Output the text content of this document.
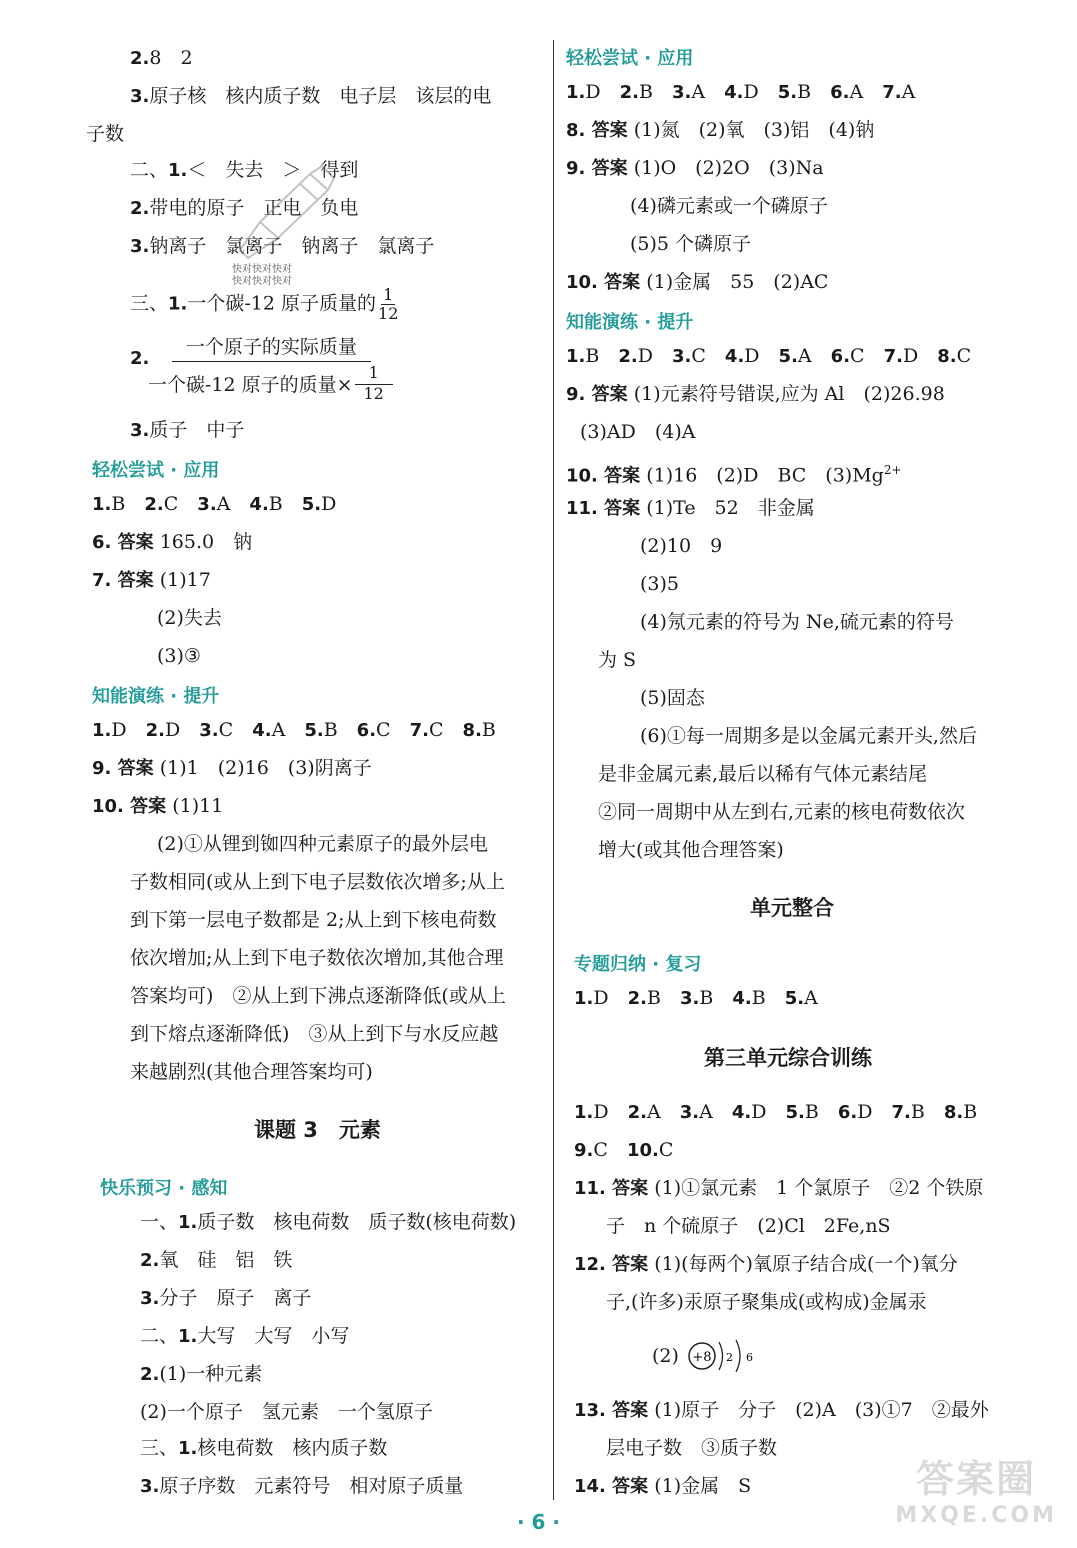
2.8　2
3.原子核　核内质子数　电子层　该层的电
子数
二、1.＜　失去　＞　得到
2.带电的原子　正电　负电
3.钠离子　氯离子　钠离子　氯离子
三、1.一个碳-12 原子质量的 $\frac{1}{12}$
2.
一个原子的实际质量
一个碳-12 原子的质量× $\frac{1}{12}$
3.质子　中子
轻松尝试 · 应用
1.B　 2.C　 3.A　 4.B　 5.D
6. 答案 165.0　钠
7. 答案 (1)17
(2)失去
(3)③
知能演练 · 提升
1.D　 2.D　 3.C　 4.A　 5.B　 6.C　 7.C　 8.B
9. 答案 (1)1　(2)16　(3)阴离子
10. 答案 (1)11
(2)①从锂到铷四种元素原子的最外层电
子数相同(或从上到下电子层数依次增多;从上
到下第一层电子数都是 2;从上到下核电荷数
依次增加;从上到下电子数依次增加,其他合理
答案均可)　②从上到下沸点逐渐降低(或从上
到下熔点逐渐降低)　③从上到下与水反应越
来越剧烈(其他合理答案均可)
课题 3　元素
快乐预习 · 感知
一、1.质子数　核电荷数　质子数(核电荷数)
2.氧　硅　铝　铁
3.分子　原子　离子
二、1.大写　大写　小写
2.(1)一种元素
(2)一个原子　氢元素　一个氢原子
三、1.核电荷数　核内质子数
3.原子序数　元素符号　相对原子质量
快对快对快对
快对快对快对
轻松尝试 · 应用
1.D　 2.B　 3.A　 4.D　 5.B　 6.A　 7.A
8. 答案 (1)氮　(2)氧　(3)铝　(4)钠
9. 答案 (1)O　(2)2O　(3)Na
(4)磷元素或一个磷原子
(5)5 个磷原子
10. 答案 (1)金属　55　(2)AC
知能演练 · 提升
1.B　 2.D　 3.C　 4.D　 5.A　 6.C　 7.D　 8.C
9. 答案 (1)元素符号错误,应为 Al　(2)26.98
(3)AD　(4)A
10. 答案 (1)16　(2)D　BC　$(3)Mg^{2+}$
11. 答案 (1)Te　52　非金属
(2)10　9
(3)5
(4)氖元素的符号为 Ne,硫元素的符号
为 S
(5)固态
(6)①每一周期多是以金属元素开头,然后
是非金属元素,最后以稀有气体元素结尾
②同一周期中从左到右,元素的核电荷数依次
增大(或其他合理答案)
单元整合
专题归纳 · 复习
1.D　 2.B　 3.B　 4.B　 5.A
第三单元综合训练
1.D　 2.A　 3.A　 4.D　 5.B　 6.D　 7.B　 8.B
9.C　 10.C
11. 答案 (1)①氯元素　1 个氯原子　②2 个铁原
子　n 个硫原子　(2)Cl　2Fe,nS
12. 答案 (1)(每两个)氧原子结合成(一个)氧分
子,(许多)汞原子聚集成(或构成)金属汞
(2) +8 2 6
13. 答案 (1)原子　分子　(2)A　(3)①7　②最外
层电子数　③质子数
14. 答案 (1)金属　S	答案圈
MXQE.COM
· 6 ·
